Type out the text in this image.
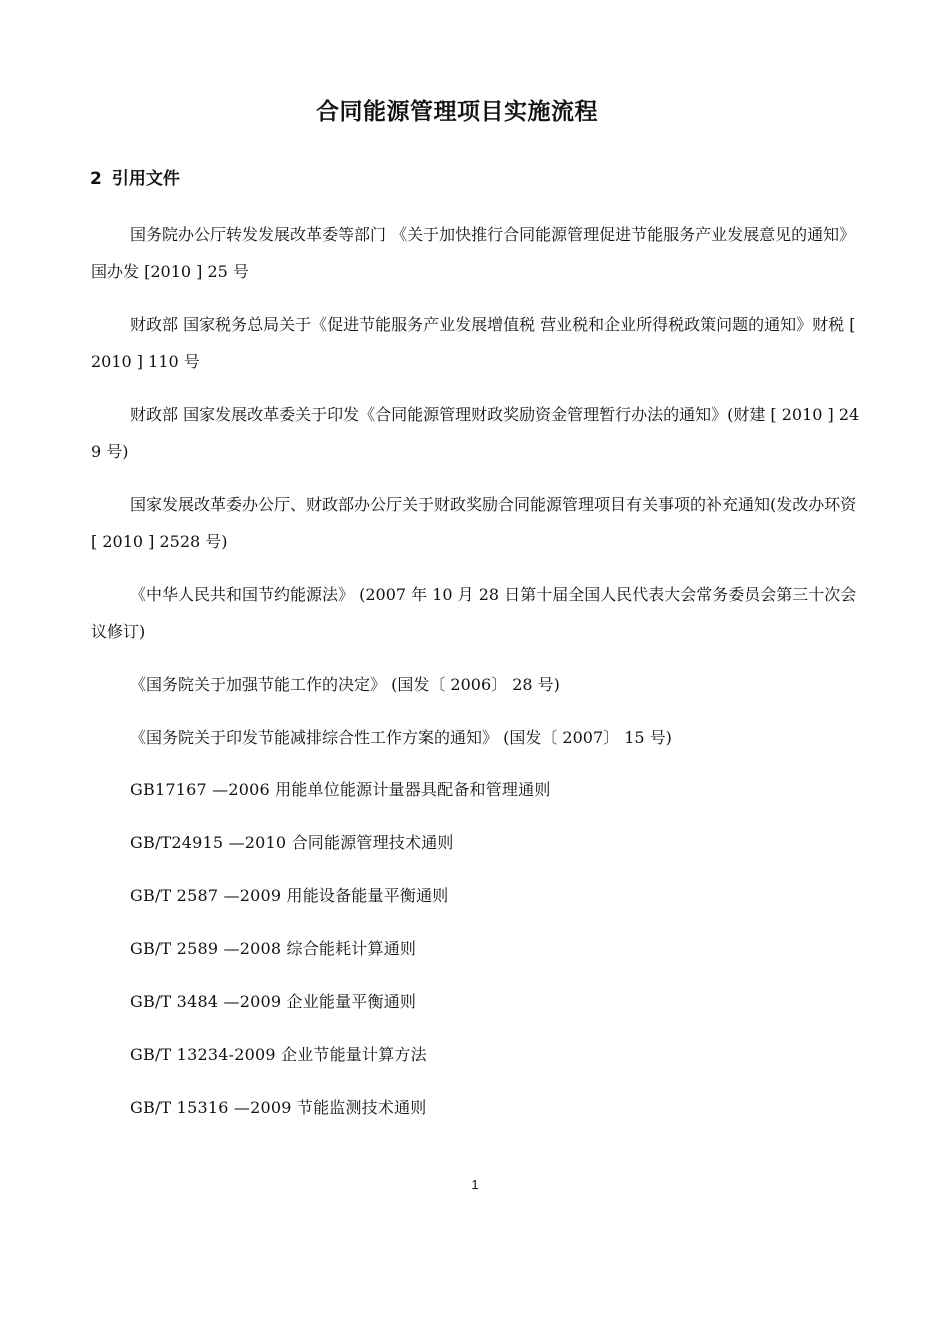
合同能源管理项目实施流程
2 引用文件

国务院办公厅转发发展改革委等部门 《关于加快推行合同能源管理促进节能服务产业发展意见的通知》国办发 [2010 ] 25 号

财政部 国家税务总局关于《促进节能服务产业发展增值税 营业税和企业所得税政策问题的通知》财税 [ 2010 ] 110 号

财政部 国家发展改革委关于印发《合同能源管理财政奖励资金管理暂行办法的通知》(财建 [ 2010 ] 249 号)

国家发展改革委办公厅、财政部办公厅关于财政奖励合同能源管理项目有关事项的补充通知(发改办环资 [ 2010 ] 2528 号)

《中华人民共和国节约能源法》 (2007 年 10 月 28 日第十届全国人民代表大会常务委员会第三十次会议修订)

《国务院关于加强节能工作的决定》 (国发〔 2006〕 28 号)

《国务院关于印发节能减排综合性工作方案的通知》 (国发〔 2007〕 15 号)

GB17167 —2006 用能单位能源计量器具配备和管理通则

GB/T24915 —2010 合同能源管理技术通则

GB/T 2587 —2009 用能设备能量平衡通则

GB/T 2589 —2008 综合能耗计算通则

GB/T 3484 —2009 企业能量平衡通则

GB/T 13234-2009 企业节能量计算方法

GB/T 15316 —2009 节能监测技术通则

1
